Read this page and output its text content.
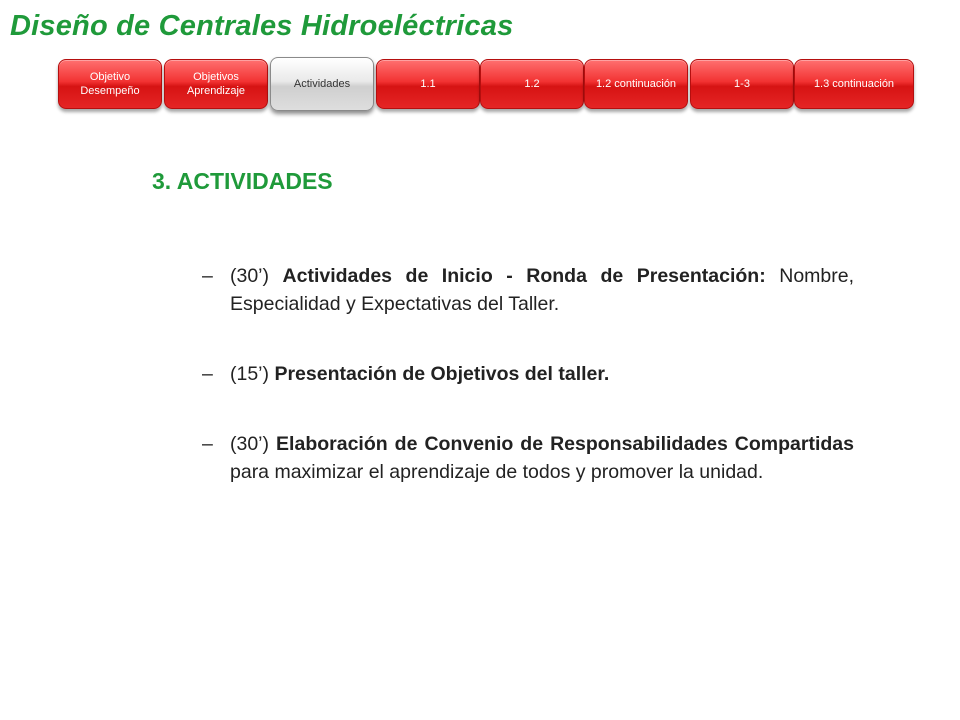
Diseño de Centrales Hidroeléctricas
Objetivo Desempeño
Objetivos Aprendizaje
Actividades	1.1	1.2	1.2 continuación	1-3	1.3 continuación
3. ACTIVIDADES
– (30’) Actividades de Inicio - Ronda de Presentación: Nombre, Especialidad y Expectativas del Taller.
– (15’) Presentación de Objetivos del taller.
– (30’) Elaboración de Convenio de Responsabilidades Compartidas para maximizar el aprendizaje de todos y promover la unidad.
